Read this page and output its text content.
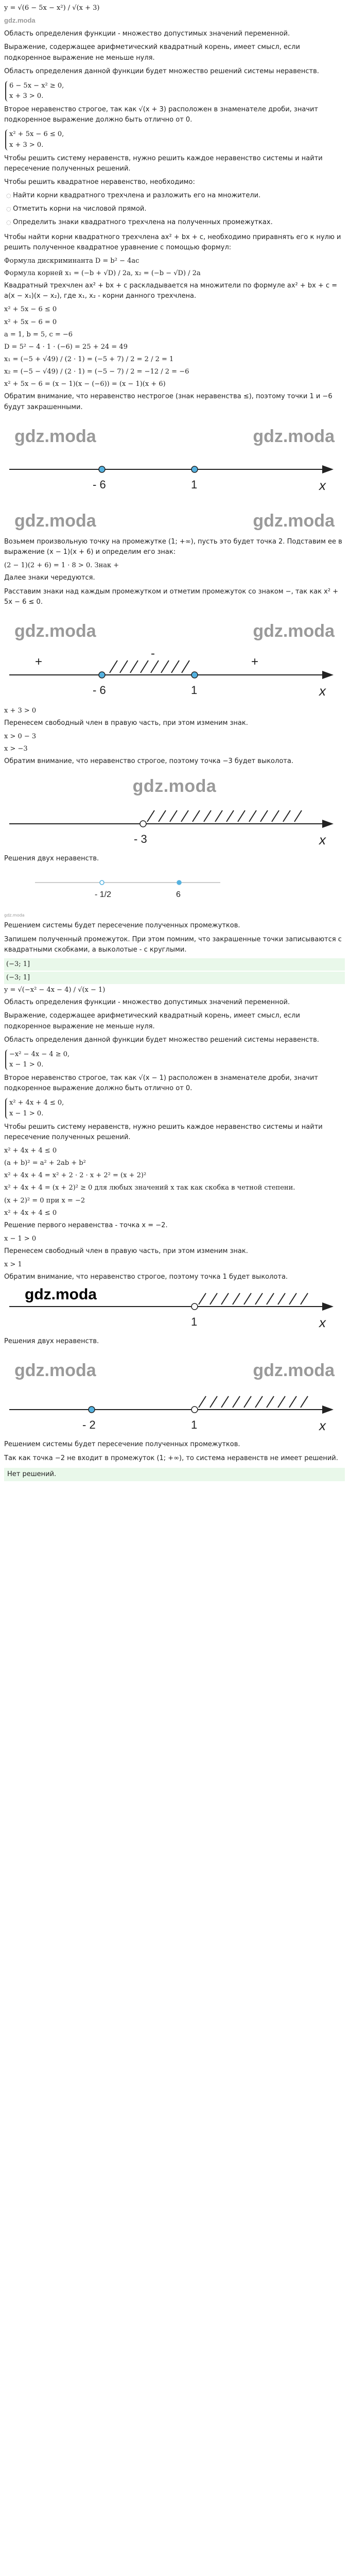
y = √(6 − 5x − x²) / √(x + 3)

gdz.moda

Область определения функции - множество допустимых значений переменной.

Выражение, содержащее арифметический квадратный корень, имеет смысл, если подкоренное выражение не меньше нуля.

Область определения данной функции будет множество решений системы неравенств.

6 − 5x − x² ≥ 0,
x + 3 > 0.

Второе неравенство строгое, так как √(x + 3) расположен в знаменателе дроби, значит подкоренное выражение должно быть отлично от 0.

x² + 5x − 6 ≤ 0,
x + 3 > 0.

Чтобы решить систему неравенств, нужно решить каждое неравенство системы и найти пересечение полученных решений.

Чтобы решить квадратное неравенство, необходимо:

◌ Найти корни квадратного трехчлена и разложить его на множители.
◌ Отметить корни на числовой прямой.
◌ Определить знаки квадратного трехчлена на полученных промежутках.

Чтобы найти корни квадратного трехчлена ax² + bx + c, необходимо приравнять его к нулю и решить полученное квадратное уравнение с помощью формул:

Формула дискриминанта D = b² − 4ac

Формула корней x₁ = (−b + √D) / 2a, x₂ = (−b − √D) / 2a

Квадратный трехчлен ax² + bx + c раскладывается на множители по формуле ax² + bx + c = a(x − x₁)(x − x₂), где x₁, x₂ - корни данного трехчлена.

x² + 5x − 6 ≤ 0

x² + 5x − 6 = 0

a = 1, b = 5, c = −6

D = 5² − 4 · 1 · (−6) = 25 + 24 = 49

x₁ = (−5 + √49) / (2 · 1) = (−5 + 7) / 2 = 2 / 2 = 1

x₂ = (−5 − √49) / (2 · 1) = (−5 − 7) / 2 = −12 / 2 = −6

x² + 5x − 6 = (x − 1)(x − (−6)) = (x − 1)(x + 6)

Обратим внимание, что неравенство нестрогое (знак неравенства ≤), поэтому точки 1 и −6 будут закрашенными.

gdz.moda	gdz.moda
- 6	1	x
gdz.moda	gdz.moda

Возьмем произвольную точку на промежутке (1; +∞), пусть это будет точка 2. Подставим ее в выражение (x − 1)(x + 6) и определим его знак:

(2 − 1)(2 + 6) = 1 · 8 > 0. Знак +

Далее знаки чередуются.

Расставим знаки над каждым промежутком и отметим промежуток со знаком −, так как x² + 5x − 6 ≤ 0.

gdz.moda	gdz.moda
+
-
+
- 6	1	x

x + 3 > 0

Перенесем свободный член в правую часть, при этом изменим знак.

x > 0 − 3

x > −3

Обратим внимание, что неравенство строгое, поэтому точка −3 будет выколота.

gdz.moda
- 3	x

Решения двух неравенств.

- 1/2	6

gdz.moda

Решением системы будет пересечение полученных промежутков.

Запишем полученный промежуток. При этом помним, что закрашенные точки записываются с квадратными скобками, а выколотые - с круглыми.

(−3; 1]
(−3; 1]

y = √(−x² − 4x − 4) / √(x − 1)

Область определения функции - множество допустимых значений переменной.

Выражение, содержащее арифметический квадратный корень, имеет смысл, если подкоренное выражение не меньше нуля.

Область определения данной функции будет множество решений системы неравенств.

−x² − 4x − 4 ≥ 0,
x − 1 > 0.

Второе неравенство строгое, так как √(x − 1) расположен в знаменателе дроби, значит подкоренное выражение должно быть отлично от 0.

x² + 4x + 4 ≤ 0,
x − 1 > 0.

Чтобы решить систему неравенств, нужно решить каждое неравенство системы и найти пересечение полученных решений.

x² + 4x + 4 ≤ 0

(a + b)² = a² + 2ab + b²

x² + 4x + 4 = x² + 2 · 2 · x + 2² = (x + 2)²

x² + 4x + 4 = (x + 2)² ≥ 0 для любых значений x так как скобка в четной степени.

(x + 2)² = 0 при x = −2

x² + 4x + 4 ≤ 0

Решение первого неравенства - точка x = −2.

x − 1 > 0

Перенесем свободный член в правую часть, при этом изменим знак.

x > 1

Обратим внимание, что неравенство строгое, поэтому точка 1 будет выколота.

gdz.moda
1	x

Решения двух неравенств.

gdz.moda	gdz.moda
- 2	1	x

Решением системы будет пересечение полученных промежутков.

Так как точка −2 не входит в промежуток (1; +∞), то система неравенств не имеет решений.

Нет решений.
